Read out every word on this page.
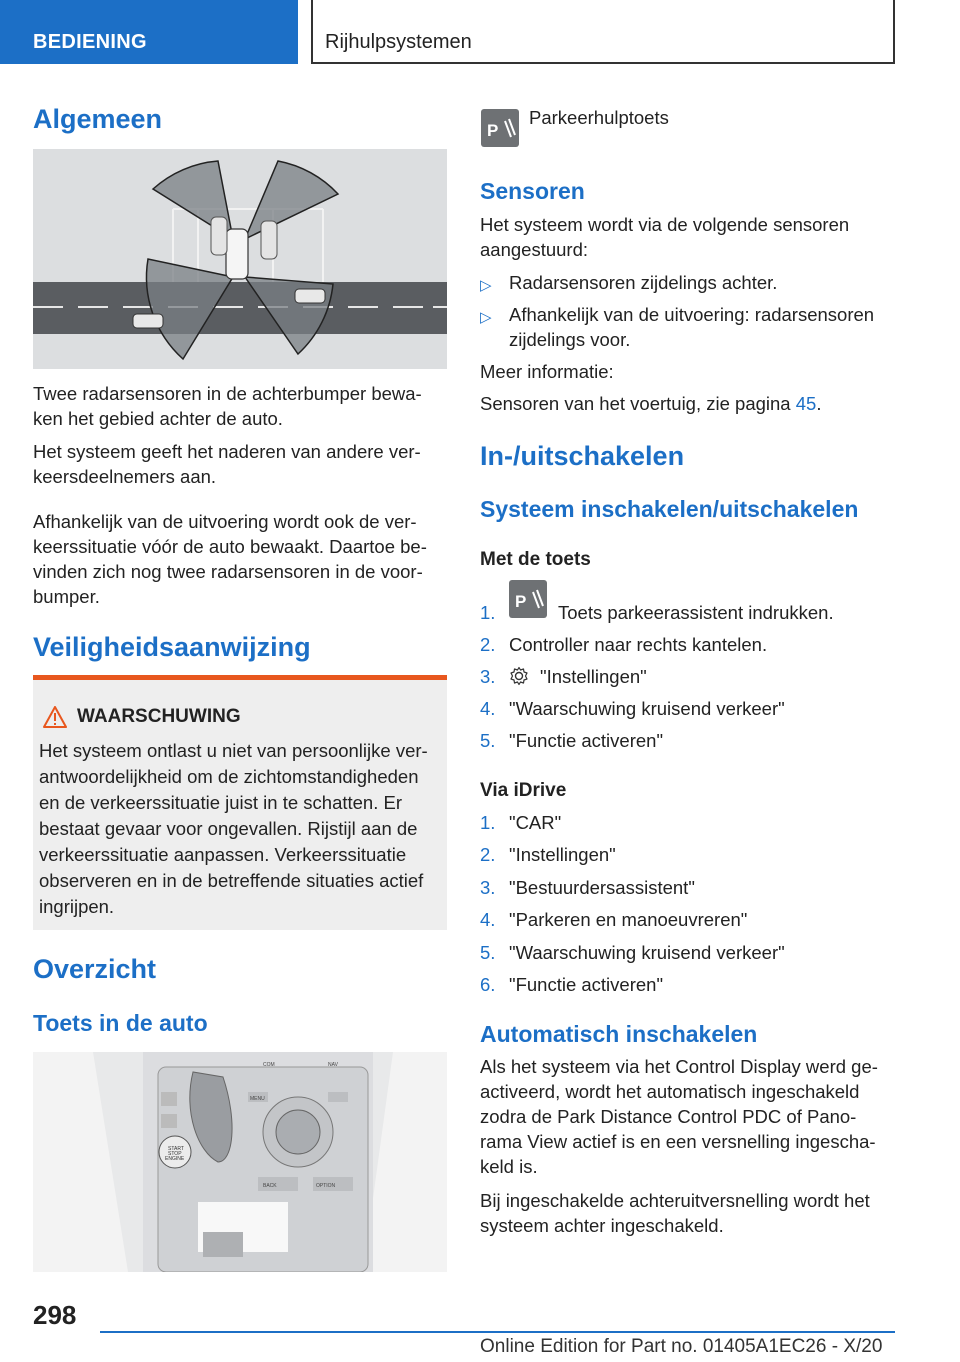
BEDIENING	Rijhulpsystemen
Algemeen
Twee radarsensoren in de achterbumper bewa-
ken het gebied achter de auto.
Het systeem geeft het naderen van andere ver-
keersdeelnemers aan.
Afhankelijk van de uitvoering wordt ook de ver-
keerssituatie vóór de auto bewaakt. Daartoe be-
vinden zich nog twee radarsensoren in de voor-
bumper.
Veiligheidsaanwijzing
WAARSCHUWING
Het systeem ontlast u niet van persoonlijke ver-
antwoordelijkheid om de zichtomstandigheden
en de verkeerssituatie juist in te schatten. Er
bestaat gevaar voor ongevallen. Rijstijl aan de
verkeerssituatie aanpassen. Verkeerssituatie
observeren en in de betreffende situaties actief
ingrijpen.
Overzicht
Toets in de auto
START
STOP
ENGINE
MENU
COM	NAV
BACK	OPTION
P
Parkeerhulptoets
Sensoren
Het systeem wordt via de volgende sensoren
aangestuurd:
▷ Radarsensoren zijdelings achter.
▷ Afhankelijk van de uitvoering: radarsensoren
zijdelings voor.
Meer informatie:
Sensoren van het voertuig, zie pagina 45.
In-/uitschakelen
Systeem inschakelen/uitschakelen
Met de toets
1.
P
Toets parkeerassistent indrukken.
2. Controller naar rechts kantelen.
3. "Instellingen"
4. "Waarschuwing kruisend verkeer"
5. "Functie activeren"
Via iDrive
1. "CAR"
2. "Instellingen"
3. "Bestuurdersassistent"
4. "Parkeren en manoeuvreren"
5. "Waarschuwing kruisend verkeer"
6. "Functie activeren"
Automatisch inschakelen
Als het systeem via het Control Display werd ge-
activeerd, wordt het automatisch ingeschakeld
zodra de Park Distance Control PDC of Pano-
rama View actief is en een versnelling ingescha-
keld is.
Bij ingeschakelde achteruitversnelling wordt het
systeem achter ingeschakeld.
298
Online Edition for Part no. 01405A1EC26 - X/20
